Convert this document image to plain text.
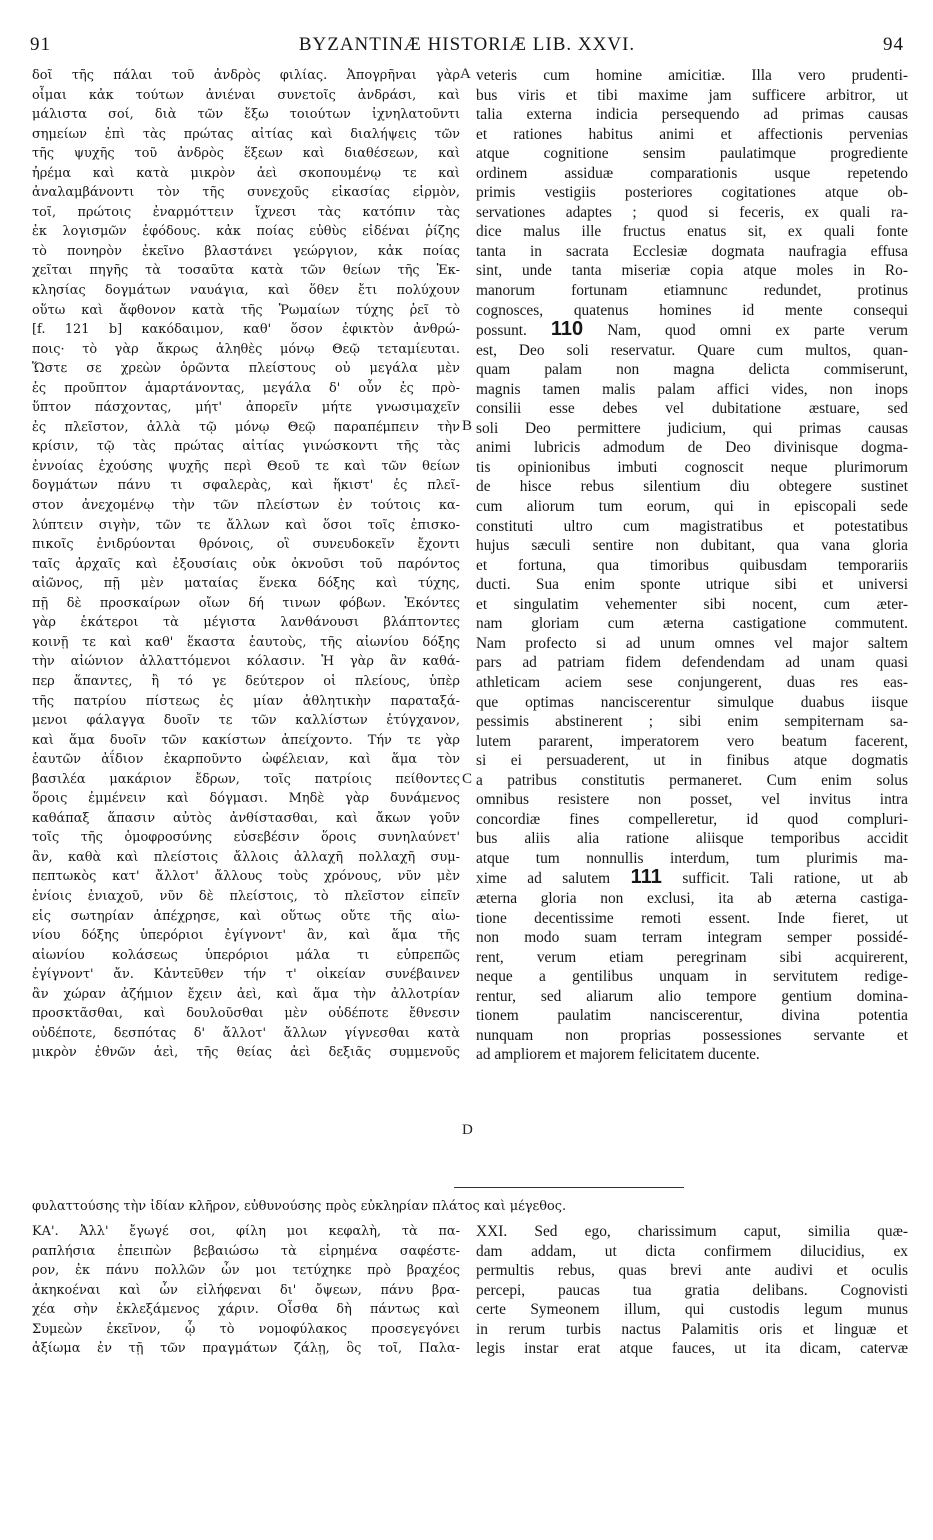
91	BYZANTINÆ HISTORIÆ LIB. XXVI.	94
A
B
C
D
δοῖ τῆς πάλαι τοῦ ἀνδρὸς φιλίας. Ἀπογρῆναι γὰρ
οἶμαι κἀκ τούτων ἀνιέναι συνετοῖς ἀνδράσι, καὶ
μάλιστα σοί, διὰ τῶν ἔξω τοιούτων ἰχνηλατοῦντι
σημείων ἐπὶ τὰς πρώτας αἰτίας καὶ διαλήψεις τῶν
τῆς ψυχῆς τοῦ ἀνδρὸς ἕξεων καὶ διαθέσεων, καὶ
ἠρέμα καὶ κατὰ μικρὸν ἀεὶ σκοπουμένῳ τε καὶ
ἀναλαμβάνοντι τὸν τῆς συνεχοῦς εἰκασίας εἱρμὸν,
τοῖ, πρώτοις ἐναρμόττειν ἴχνεσι τὰς κατόπιν τὰς
ἐκ λογισμῶν ἐφόδους. κἀκ ποίας εὐθὺς εἰδέναι ῥίζης
τὸ πονηρὸν ἐκεῖνο βλαστάνει γεώργιον, κἀκ ποίας
χεῖται πηγῆς τὰ τοσαῦτα κατὰ τῶν θείων τῆς Ἐκ-
κλησίας δογμάτων ναυάγια, καὶ ὅθεν ἔτι πολύχουν
οὕτω καὶ ἄφθονον κατὰ τῆς Ῥωμαίων τύχης ῥεῖ τὸ
[f. 121 b] κακόδαιμον, καθ' ὅσον ἐφικτὸν ἀνθρώ-
ποις· τὸ γὰρ ἄκρως ἀληθὲς μόνῳ Θεῷ τεταμίευται.
Ὥστε σε χρεὼν ὁρῶντα πλείστους οὐ μεγάλα μὲν
ἐς προῦπτον ἁμαρτάνοντας, μεγάλα δ' οὖν ἐς πρὸ-
ὕπτον πάσχοντας, μήτ' ἀπορεῖν μήτε γνωσιμαχεῖν
ἐς πλεῖστον, ἀλλὰ τῷ μόνῳ Θεῷ παραπέμπειν τὴν
κρίσιν, τῷ τὰς πρώτας αἰτίας γινώσκοντι τῆς τὰς
ἐννοίας ἐχούσης ψυχῆς περὶ Θεοῦ τε καὶ τῶν θείων
δογμάτων πάνυ τι σφαλερὰς, καὶ ἥκιστ' ἐς πλεῖ-
στον ἀνεχομένῳ τὴν τῶν πλείστων ἐν τούτοις κα-
λύπτειν σιγὴν, τῶν τε ἄλλων καὶ ὅσοι τοῖς ἐπισκο-
πικοῖς ἐνιδρύονται θρόνοις, οἳ συνευδοκεῖν ἔχοντι
ταῖς ἀρχαῖς καὶ ἐξουσίαις οὐκ ὀκνοῦσι τοῦ παρόντος
αἰῶνος, πῇ μὲν ματαίας ἕνεκα δόξης καὶ τύχης,
πῇ δὲ προσκαίρων οἴων δή τινων φόβων. Ἑκόντες
γὰρ ἑκάτεροι τὰ μέγιστα λανθάνουσι βλάπτοντες
κοινῇ τε καὶ καθ' ἕκαστα ἑαυτοὺς, τῆς αἰωνίου δόξης
τὴν αἰώνιον ἀλλαττόμενοι κόλασιν. Ἡ γὰρ ἂν καθά-
περ ἅπαντες, ἢ τό γε δεύτερον οἱ πλείους, ὑπὲρ
τῆς πατρίου πίστεως ἐς μίαν ἀθλητικὴν παραταξά-
μενοι φάλαγγα δυοῖν τε τῶν καλλίστων ἐτύγχανον,
καὶ ἅμα δυοῖν τῶν κακίστων ἀπείχοντο. Τήν τε γὰρ
ἑαυτῶν ἀΐδιον ἐκαρποῦντο ὠφέλειαν, καὶ ἅμα τὸν
βασιλέα μακάριον ἔδρων, τοῖς πατρίοις πείθοντες
ὅροις ἐμμένειν καὶ δόγμασι. Μηδὲ γὰρ δυνάμενος
καθάπαξ ἅπασιν αὐτὸς ἀνθίστασθαι, καὶ ἄκων γοῦν
τοῖς τῆς ὁμοφροσύνης εὐσεβέσιν ὅροις συνηλαύνετ'
ἂν, καθὰ καὶ πλείστοις ἄλλοις ἀλλαχῆ πολλαχῆ συμ-
πεπτωκὸς κατ' ἄλλοτ' ἄλλους τοὺς χρόνους, νῦν μὲν
ἐνίοις ἐνιαχοῦ, νῦν δὲ πλείστοις, τὸ πλεῖστον εἰπεῖν
εἰς σωτηρίαν ἀπέχρησε, καὶ οὕτως οὔτε τῆς αἰω-
νίου δόξης ὑπερόριοι ἐγίγνοντ' ἂν, καὶ ἅμα τῆς
αἰωνίου κολάσεως ὑπερόριοι μάλα τι εὐπρεπῶς
ἐγίγνοντ' ἄν. Κἀντεῦθεν τήν τ' οἰκείαν συνέβαινεν
ἂν χώραν ἀζήμιον ἔχειν ἀεὶ, καὶ ἅμα τὴν ἀλλοτρίαν
προσκτᾶσθαι, καὶ δουλοῦσθαι μὲν οὐδέποτε ἔθνεσιν
οὐδέποτε, δεσπότας δ' ἄλλοτ' ἄλλων γίγνεσθαι κατὰ
μικρὸν ἐθνῶν ἀεὶ, τῆς θείας ἀεὶ δεξιᾶς συμμενοῦς
veteris cum homine amicitiæ. Illa vero prudenti-
bus viris et tibi maxime jam sufficere arbitror, ut
talia externa indicia persequendo ad primas causas
et rationes habitus animi et affectionis pervenias
atque cognitione sensim paulatimque progrediente
ordinem assiduæ comparationis usque repetendo
primis vestigiis posteriores cogitationes atque ob-
servationes adaptes ; quod si feceris, ex quali ra-
dice malus ille fructus enatus sit, ex quali fonte
tanta in sacrata Ecclesiæ dogmata naufragia effusa
sint, unde tanta miseriæ copia atque moles in Ro-
manorum fortunam etiamnunc redundet, protinus
cognosces, quatenus homines id mente consequi
possunt. 110 Nam, quod omni ex parte verum
est, Deo soli reservatur. Quare cum multos, quan-
quam palam non magna delicta commiserunt,
magnis tamen malis palam affici vides, non inops
consilii esse debes vel dubitatione æstuare, sed
soli Deo permittere judicium, qui primas causas
animi lubricis admodum de Deo divinisque dogma-
tis opinionibus imbuti cognoscit neque plurimorum
de hisce rebus silentium diu obtegere sustinet
cum aliorum tum eorum, qui in episcopali sede
constituti ultro cum magistratibus et potestatibus
hujus sæculi sentire non dubitant, qua vana gloria
et fortuna, qua timoribus quibusdam temporariis
ducti. Sua enim sponte utrique sibi et universi
et singulatim vehementer sibi nocent, cum æter-
nam gloriam cum æterna castigatione commutent.
Nam profecto si ad unum omnes vel major saltem
pars ad patriam fidem defendendam ad unam quasi
athleticam aciem sese conjungerent, duas res eas-
que optimas nanciscerentur simulque duabus iisque
pessimis abstinerent ; sibi enim sempiternam sa-
lutem pararent, imperatorem vero beatum facerent,
si ei persuaderent, ut in finibus atque dogmatis
a patribus constitutis permaneret. Cum enim solus
omnibus resistere non posset, vel invitus intra
concordiæ fines compelleretur, id quod compluri-
bus aliis alia ratione aliisque temporibus accidit
atque tum nonnullis interdum, tum plurimis ma-
xime ad salutem 111 sufficit. Tali ratione, ut ab
æterna gloria non exclusi, ita ab æterna castiga-
tione decentissime remoti essent. Inde fieret, ut
non modo suam terram integram semper possidé-
rent, verum etiam peregrinam sibi acquirerent,
neque a gentilibus unquam in servitutem redige-
rentur, sed aliarum alio tempore gentium domina-
tionem paulatim nanciscerentur, divina potentia
nunquam non proprias possessiones servante et
ad ampliorem et majorem felicitatem ducente.
φυλαττούσης τὴν ἰδίαν κλῆρον, εὐθυνούσης πρὸς εὐκληρίαν πλάτος καὶ μέγεθος.
ΚΑ'. Ἀλλ' ἔγωγέ σοι, φίλη μοι κεφαλὴ, τὰ πα-
ραπλήσια ἐπειπὼν βεβαιώσω τὰ εἰρημένα σαφέστε-
ρον, ἐκ πάνυ πολλῶν ὧν μοι τετύχηκε πρὸ βραχέος
ἀκηκοέναι καὶ ὧν εἰλήφεναι δι' ὄψεων, πάνυ βρα-
χέα σὴν ἐκλεξάμενος χάριν. Οἶσθα δὴ πάντως καὶ
Συμεὼν ἐκεῖνον, ᾧ τὸ νομοφύλακος προσεγεγόνει
ἀξίωμα ἐν τῇ τῶν πραγμάτων ζάλῃ, ὃς τοῖ, Παλα-
XXI. Sed ego, charissimum caput, similia quæ-
dam addam, ut dicta confirmem dilucidius, ex
permultis rebus, quas brevi ante audivi et oculis
percepi, paucas tua gratia delibans. Cognovisti
certe Symeonem illum, qui custodis legum munus
in rerum turbis nactus Palamitis oris et linguæ et
legis instar erat atque fauces, ut ita dicam, catervæ
